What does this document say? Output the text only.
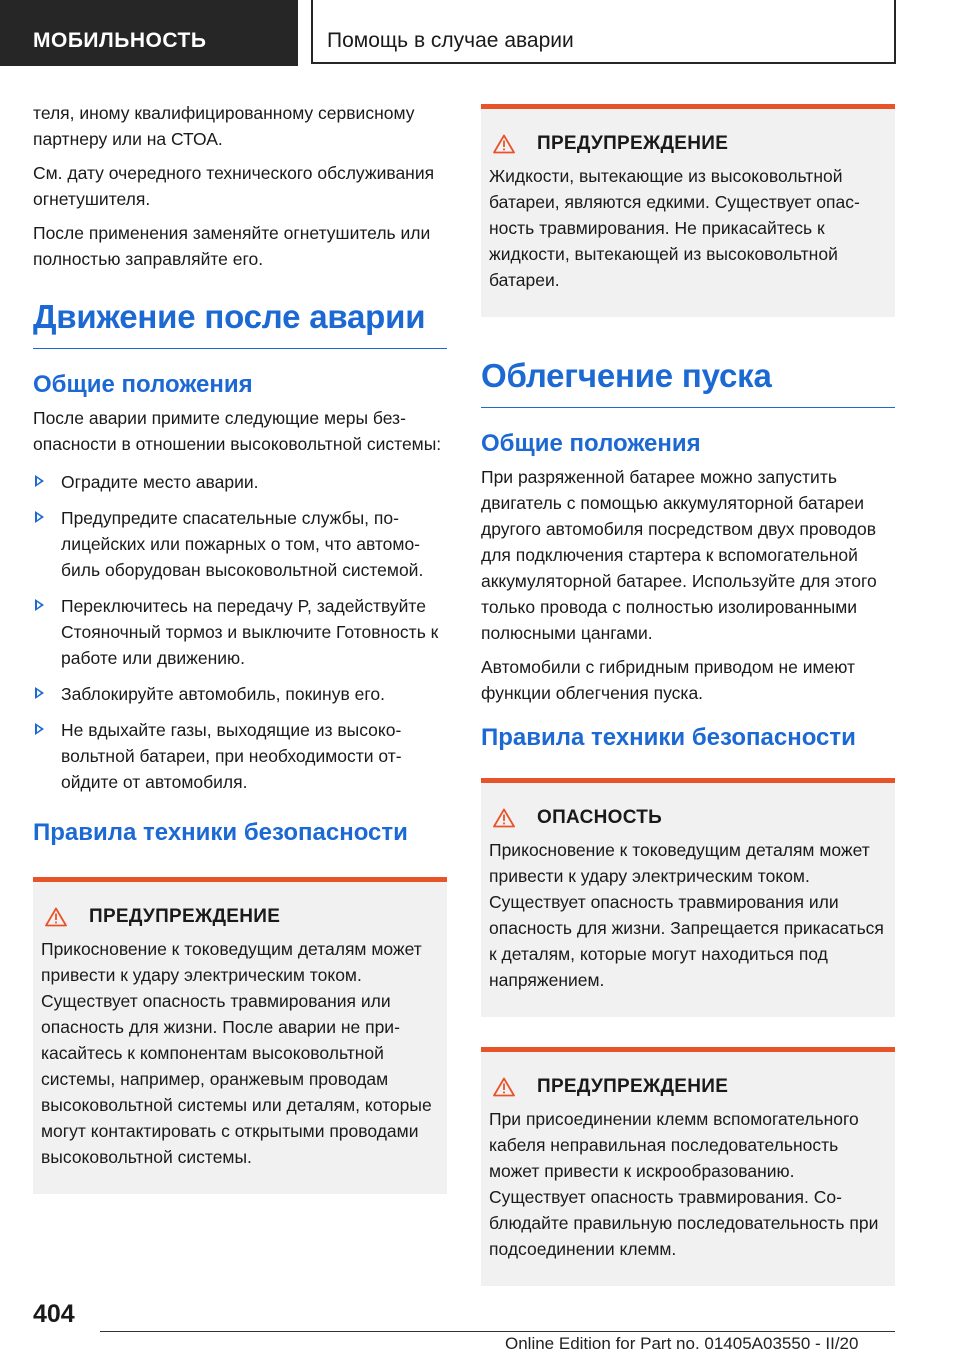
МОБИЛЬНОСТЬ	Помощь в случае аварии

теля, иному квалифицированному сервисному партнеру или на СТОА.

См. дату очередного технического обслуживания огнетушителя.

После применения заменяйте огнетушитель или полностью заправляйте его.

Движение после аварии
Общие положения

После аварии примите следующие меры безопасности в отношении высоковольтной системы:

Оградите место аварии.
Предупредите спасательные службы, полицейских или пожарных о том, что автомобиль оборудован высоковольтной системой.
Переключитесь на передачу P, задействуйте Стояночный тормоз и выключите Готовность к работе или движению.
Заблокируйте автомобиль, покинув его.
Не вдыхайте газы, выходящие из высоковольтной батареи, при необходимости отойдите от автомобиля.
Правила техники безопасности
ПРЕДУПРЕЖДЕНИЕ

Прикосновение к токоведущим деталям может привести к удару электрическим током. Существует опасность травмирования или опасность для жизни. После аварии не прикасайтесь к компонентам высоковольтной системы, например, оранжевым проводам высоковольтной системы или деталям, которые могут контактировать с открытыми проводами высоковольтной системы.

ПРЕДУПРЕЖДЕНИЕ

Жидкости, вытекающие из высоковольтной батареи, являются едкими. Существует опасность травмирования. Не прикасайтесь к жидкости, вытекающей из высоковольтной батареи.

Облегчение пуска
Общие положения

При разряженной батарее можно запустить двигатель с помощью аккумуляторной батареи другого автомобиля посредством двух проводов для подключения стартера к вспомогательной аккумуляторной батарее. Используйте для этого только провода с полностью изолированными полюсными цангами.

Автомобили с гибридным приводом не имеют функции облегчения пуска.

Правила техники безопасности
ОПАСНОСТЬ

Прикосновение к токоведущим деталям может привести к удару электрическим током. Существует опасность травмирования или опасность для жизни. Запрещается прикасаться к деталям, которые могут находиться под напряжением.

ПРЕДУПРЕЖДЕНИЕ

При присоединении клемм вспомогательного кабеля неправильная последовательность может привести к искрообразованию. Существует опасность травмирования. Соблюдайте правильную последовательность при подсоединении клемм.

404
Online Edition for Part no. 01405A03550 - II/20
